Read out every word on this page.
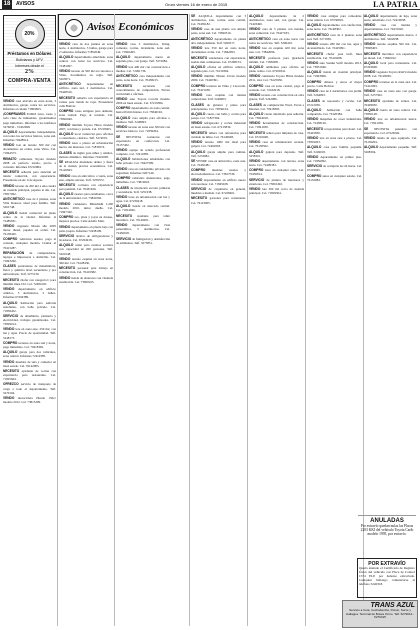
18	AVISOS	Oruro viernes 16 de enero de 2015	LA PATRIA
20%
Préstamos en Dólares
Bolivianos y UFV
Intereses desde el
2%
COMPRA-VENTA
Avisos Económicos

VENDO casa ubicada en zona norte, 3 dormitorios, garaje, todos los servicios. Informes al celular 71804823.

¡COMPRAMOS TODO! lotes, casas, y toda clase de inmuebles, garantizamos pago inmediato. Informes a los teléfonos 5276030 - 72452698.

ALQUILO departamento independiente, con todos los servicios básicos, zona sud. Informes 70428914.

VENDO lote de terreno 300 m2 con documentos en orden, zona Vinto. Cel. 71844573.

REMATO camioneta Toyota modelo 2008 en perfecto estado, precio a convenir. Informes 67210984.

NECESITO señorita para atención en tienda comercial, con experiencia. Presentarse en Av. 6 de Agosto.

VENDO terreno de 450 m2 a una cuadra de avenida principal, papeles al día. Cel. 73817062.

ANTICRÉTICO casa de 2 plantas, zona Villa Dolores, ideal para familia. Telf. 5261748.

ALQUILO tienda comercial en pleno centro de la ciudad. Informes al 72485931.

VENDO vagoneta Nissan año 2005 motor diesel, papeles en orden. Cel. 76138420.

COMPRO vehículos usados, pago al contado, cualquier modelo. Llamar al 70415287.

REPARACIÓN de computadoras, laptops e impresoras a domicilio. Cel. 71843260.

CLASES particulares de matemáticas, física y química nivel secundario y pre universitario. Telf. 5275130.

NECESITO chofer con categoría C para minibús línea 102. Cel. 72484105.

VENDO departamento en edificio céntrico, 3 dormitorios, 2 baños. Informes 67204389.

ALQUILO habitación para señorita estudiante, con baño privado. Cel. 71839452.

SERVICIO de albañilería, plomería y electricidad, trabajos garantizados. Cel. 73829014.

VENDO lote en zona este, 250 m2, con luz y agua. Precio de oportunidad. Telf. 5248173.

COMPRO terrenos en zona sud y norte, pago inmediato. Cel. 70418392.

ALQUILO garaje para dos vehículos, zona central. Informes 72419385.

VENDO muebles de sala y comedor en buen estado. Cel. 76142083.

NECESITO ayudante de cocina con experiencia para restaurante. Cel. 71825604.

OFREZCO servicio de transporte de carga a todo el departamento. Telf. 5270194.

VENDO motocicleta Honda 150cc modelo 2012. Cel. 73815209.

VENDO casa de dos plantas en zona norte, 4 dormitorios, 3 baños, garaje para 2 vehículos. Informes 71852049.

ALQUILO departamento amoblado, zona central, con todos los servicios. Cel. 72481067.

VENDO terreno de 500 m2 en carretera a Vinto, documentos en regla. Telf. 5263871.

ANTICRÉTICO departamento en edificio, zona sud, 2 dormitorios. Cel. 70428516.

NECESITO señorita con experiencia en ventas para tienda de ropa. Presentarse calle Bolívar.

COMPRO casas antiguas para demoler, zona central. Pago al contado. Cel. 73826049.

VENDO minibús Toyota Hiace modelo 2007, con línea y parada. Cel. 67218403.

ALQUILO local comercial para oficinas o consultorio, céntrico. Telf. 5274019.

VENDO lotes a plazos en urbanización nueva, sin intereses. Cel. 71830574.

CLASES de inglés para niños y adultos, método dinámico. Informes 72416038.

SE REALIZA mudanzas dentro y fuera de la ciudad, precios económicos. Cel. 76120843.

VENDO casa en anticrético o venta, zona este, amplio terreno. Telf. 5259372.

NECESITO cocinera con experiencia para pensión. Cel. 70431926.

ALQUILO cuartos para estudiantes, cerca de la universidad. Cel. 73841092.

VENDO camioneta Mitsubishi L200 modelo 2010, único dueño. Cel. 71847320.

COMPRO oro, plata y joyas en desuso, mejores precios. Calle Adolfo Mier.

VENDO departamento en planta baja con patio propio. Informes 72438109.

SERVICIO técnico de refrigeradores y lavadoras. Cel. 67204918.

ALQUILO salón para eventos sociales con capacidad de 200 personas. Telf. 5261048.

VENDO terreno esquina en zona norte, 360 m2. Cel. 76128430.

NECESITO personal para trabajo en construcción. Cel. 70419382.

VENDO tienda de abarrotes con clientela establecida. Cel. 73829105.

VENDO casa 3 dormitorios, living, comedor, cocina, lavandería, zona sud. Cel. 71826493.

ALQUILO departamento nuevo en segundo piso, con garaje. Telf. 5272084.

VENDO lote 400 m2 con construcción a medias. Cel. 72491736.

ANTICRÉTICO casa independiente con patio, zona norte. Cel. 70438215.

NECESITO secretaria con conocimientos de computación. Enviar currículum a oficinas.

VENDO auto Toyota Corolla modelo 2006 en buen estado. Cel. 67219384.

COMPRO departamento en zona central, hasta 60 mil dólares. Cel. 73840192.

ALQUILO casa amplia para oficinas o instituto. Telf. 5248093.

VENDO terreno en zona este 300 m2 con servicios básicos. Cel. 71839204.

SE NECESITA costureras con experiencia en confección. Cel. 76137402.

VENDO equipo de sonido profesional completo. Cel. 72410385.

ALQUILO habitaciones amobladas con baño privado. Cel. 70427309.

VENDO casa en condominio privado con seguridad. Informes 5267140.

COMPRO vehículos siniestrados, pago inmediato. Cel. 73819043.

CLASES de nivelación escolar primaria y secundaria. Telf. 5251938.

VENDO lotes en urbanización con luz y agua. Cel. 67230418.

ALQUILO tienda en mercado central. Cel. 71814926.

NECESITO ayudante para taller mecánico. Cel. 76149201.

VENDO departamento con vista panorámica, 3 dormitorios. Cel. 72436918.

SERVICIO de fumigación y desinfección de ambientes. Telf. 5273851.

SE ALQUILA departamento con 3 dormitorios, sala, cocina, zona central. Cel. 70439182.

VENDO casa de una planta con amplio patio, zona sud. Cel. 73820516.

ANTICRÉTICO departamento en planta alta, independiente. Telf. 5260317.

VENDO lote 350 m2 en zona norte, documentos al día. Cel. 71842093.

NECESITO vendedores con experiencia, sueldo más comisiones. Cel. 67208153.

ALQUILO oficina en edificio céntrico, segundo piso. Cel. 76131804.

VENDO minibús Nissan Urvan modelo 2009. Cel. 72420391.

COMPRO terrenos en Vinto y Caracollo. Cel. 70415038.

VENDO casa esquina con tiendas comerciales. Telf. 5246903.

CLASES de guitarra y piano para principiantes. Cel. 73836104.

ALQUILO cuarto con baño y cocina para pareja. Cel. 71827394.

VENDO refrigerador y cocina industrial en buen estado. Cel. 67215830.

NECESITO niñera con referencias para cuidado de niños. Cel. 76140928.

VENDO terreno 1000 m2 ideal para galpón. Cel. 72491803.

ALQUILO garaje amplio para camión. Telf. 5253082.

SE VENDE casa en anticrético, zona este. Cel. 70430481.

COMPRO muebles usados y electrodomésticos. Cel. 73817530.

VENDO departamento en edificio nuevo con ascensor. Cel. 71845028.

SERVICIO de carpintería en general, muebles a medida. Cel. 67228401.

NECESITO garzones para restaurante. Cel. 76123905.

ALQUILO departamento de 2 dormitorios, zona sud, con garaje. Cel. 72418490.

VENDO casa de 3 plantas con tiendas, zona comercial. Cel. 70427183.

ANTICRÉTICO casa en zona norte con todos los servicios. Telf. 5269410.

VENDO lote en esquina 420 m2, zona este. Cel. 73842096.

NECESITO profesora para guardería infantil. Cel. 71830281.

ALQUILO ambientes para oficina en pleno centro. Cel. 67209341.

VENDO camioneta Toyota Hilux modelo 2011, 4x4. Cel. 76125930.

COMPRO casa en zona central, pago al contado. Cel. 72432018.

VENDO terreno con construcción en obra gruesa. Telf. 5242086.

CLASES de computación Word, Excel e Internet. Cel. 70418305.

ALQUILO cuarto amoblado para señorita. Cel. 73824019.

VENDO herramientas de construcción. Cel. 71841930.

NECESITO señora para limpieza de casa. Cel. 67216048.

VENDO casa en urbanización cerrada. Cel. 76138502.

ALQUILO galpón para depósito. Telf. 5258301.

VENDO departamento con terraza, zona norte. Cel. 72409381.

COMPRO lotes en cualquier zona. Cel. 70436814.

SERVICIO de pintura de interiores y exteriores. Cel. 73810492.

VENDO lote 300 m2 cerca de avenida principal. Cel. 71829304.

VENDO casa antigua para remodelar, zona central. Cel. 67230819.

ALQUILO departamento con calefacción, zona norte. Cel. 76148302.

ANTICRÉTICO casa de 2 plantas, zona sud. Telf. 5271930.

VENDO terreno 280 m2 con luz, agua y alcantarillado. Cel. 72425091.

NECESITO chofer para trufi, línea establecida. Cel. 70419208.

VENDO auto Suzuki Swift modelo 2013. Cel. 73831946.

ALQUILO tienda en avenida principal. Cel. 71843906.

COMPRO dólares y euros al mejor precio. Calle Bolívar.

VENDO casa de 4 dormitorios con jardín. Telf. 5264093.

CLASES de repostería y cocina. Cel. 67212039.

ALQUILO habitación con baño compartido. Cel. 76120384.

VENDO máquinas de coser industriales. Cel. 72438120.

NECESITO recepcionista para hotel. Cel. 70425830.

VENDO lote en zona este a plazos. Cel. 73819023.

ALQUILO casa para familia pequeña. Telf. 5249018.

VENDO departamento en primer piso. Cel. 71836092.

SERVICIO de cerrajería las 24 horas. Cel. 67219045.

COMPRO autos en cualquier estado. Cel. 76132084.

ALQUILO departamento de lujo, zona norte, amoblado. Cel. 72419038.

VENDO casa con tiendas y departamentos. Cel. 70431920.

ANTICRÉTICO departamento nuevo, 2 dormitorios. Telf. 5262038.

VENDO terreno esquina 500 m2. Cel. 73828403.

NECESITO mecánico con experiencia en diesel. Cel. 71840192.

ALQUILO local para restaurante. Cel. 67203948.

VENDO vagoneta Toyota RAV4 modelo 2008. Cel. 76128039.

COMPRO terrenos en la zona sud. Cel. 72412093.

VENDO casa en zona este con garaje. Telf. 5257302.

NECESITO ayudante de ventas. Cel. 70428930.

ALQUILO cuarto en zona central. Cel. 73830148.

VENDO lote en urbanización nueva. Cel. 71821039.

SE NECESITA panadero con experiencia. Cel. 67223049.

VENDO tienda de ropa equipada. Cel. 76139204.

ALQUILO departamento pequeño. Telf. 5268304.

ANULADAS
Por extravío quedan nulas las Placas 2203 KKI del vehículo Toyota Carib modelo 1995, por extravío.
POR EXTRAVÍO
Queda anulado el Certificado de Registro Único del vehículo con Placa de Control 1574 ELP, por haberse extraviado. Cualquier hallazgo comunicarse al teléfono 5240318.
TRANS AZUL
Servicio a Cota, Cochabamba, Potosí, Sucre y Llallagua. Terminal de Buses Oruro. Telf. 5279014 - 5276315
